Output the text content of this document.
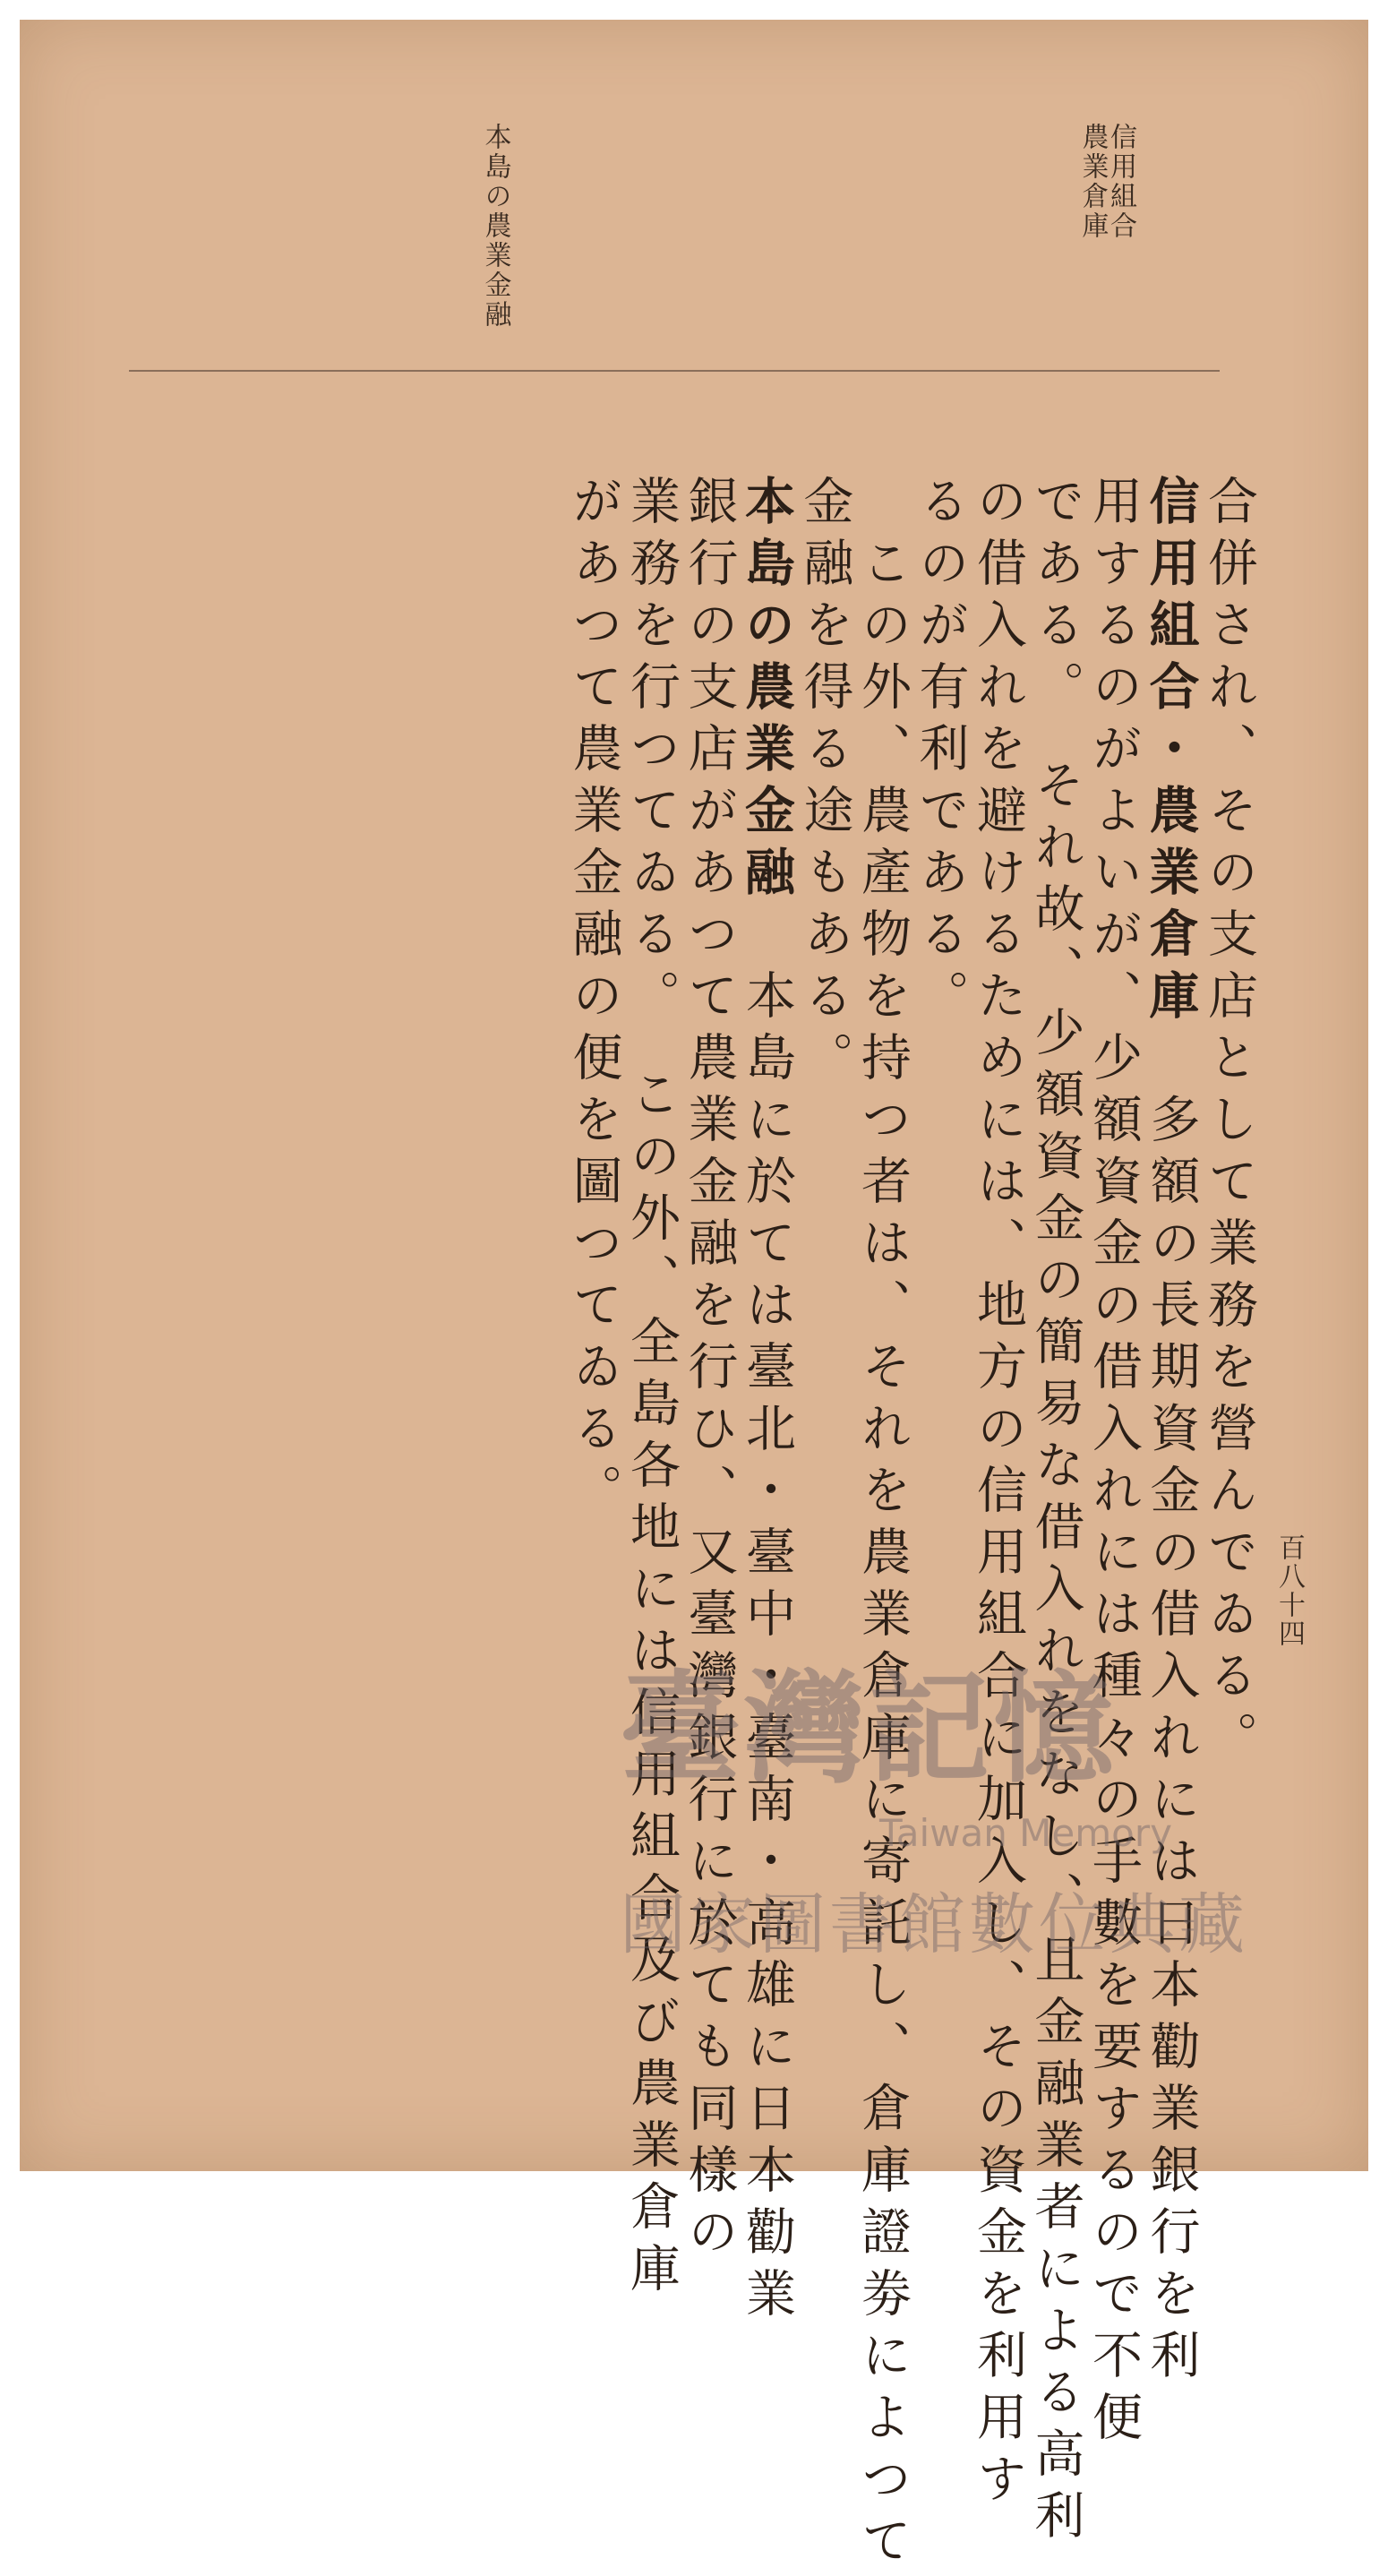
信用組合
農業倉庫
本島の農業金融
合併され、その支店として業務を營んでゐる。
信用組合・農業倉庫　多額の長期資金の借入れには日本勸業銀行を利
用するのがよいが、少額資金の借入れには種々の手數を要するので不便
である。　それ故、少額資金の簡易な借入れをなし、且金融業者による高利
の借入れを避けるためには、地方の信用組合に加入し、その資金を利用す
るのが有利である。
　この外、農產物を持つ者は、それを農業倉庫に寄託し、倉庫證劵によつて
金融を得る途もある。
本島の農業金融　本島に於ては臺北・臺中・臺南・高雄に日本勸業
銀行の支店があつて農業金融を行ひ、又臺灣銀行に於ても同樣の
業務を行つてゐる。　この外、全島各地には信用組合及び農業倉庫
があつて農業金融の便を圖つてゐる。
百八十四
臺灣記憶
Taiwan Memory
國家圖書館數位典藏
